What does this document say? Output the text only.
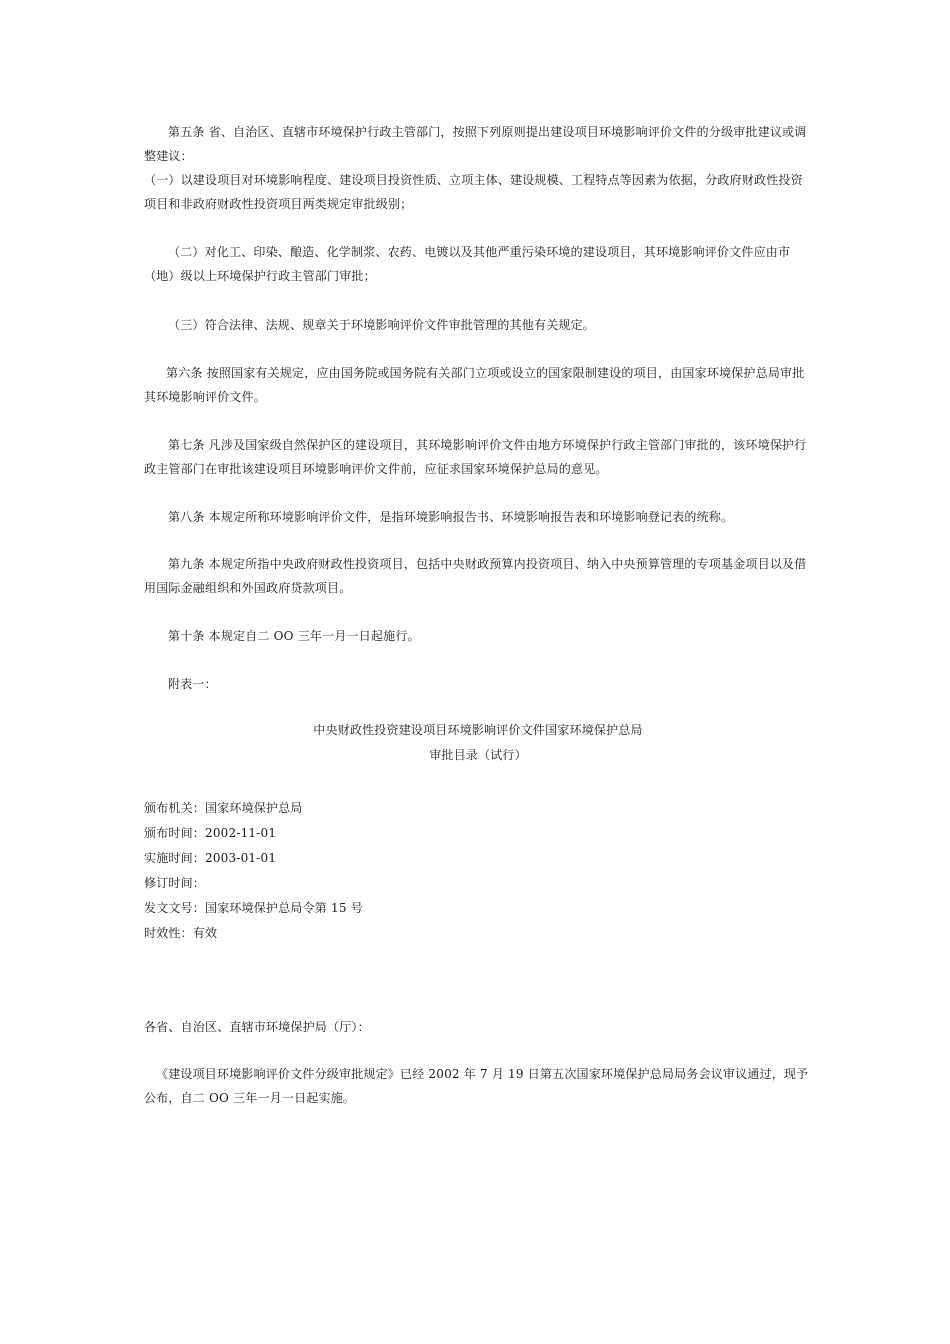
第五条 省、自治区、直辖市环境保护行政主管部门，按照下列原则提出建设项目环境影响评价文件的分级审批建议或调整建议：

（一）以建设项目对环境影响程度、建设项目投资性质、立项主体、建设规模、工程特点等因素为依据，分政府财政性投资项目和非政府财政性投资项目两类规定审批级别；

（二）对化工、印染、酿造、化学制浆、农药、电镀以及其他严重污染环境的建设项目，其环境影响评价文件应由市（地）级以上环境保护行政主管部门审批；

（三）符合法律、法规、规章关于环境影响评价文件审批管理的其他有关规定。

第六条 按照国家有关规定，应由国务院或国务院有关部门立项或设立的国家限制建设的项目，由国家环境保护总局审批其环境影响评价文件。

第七条 凡涉及国家级自然保护区的建设项目，其环境影响评价文件由地方环境保护行政主管部门审批的，该环境保护行政主管部门在审批该建设项目环境影响评价文件前，应征求国家环境保护总局的意见。

第八条 本规定所称环境影响评价文件，是指环境影响报告书、环境影响报告表和环境影响登记表的统称。

第九条 本规定所指中央政府财政性投资项目，包括中央财政预算内投资项目、纳入中央预算管理的专项基金项目以及借用国际金融组织和外国政府贷款项目。

第十条 本规定自二 OO 三年一月一日起施行。

附表一：

中央财政性投资建设项目环境影响评价文件国家环境保护总局

审批目录（试行）

颁布机关：国家环境保护总局

颁布时间：2002-11-01

实施时间：2003-01-01

修订时间：

发文文号：国家环境保护总局令第 15 号

时效性：有效

各省、自治区、直辖市环境保护局（厅）：

《建设项目环境影响评价文件分级审批规定》已经 2002 年 7 月 19 日第五次国家环境保护总局局务会议审议通过，现予公布，自二 OO 三年一月一日起实施。
